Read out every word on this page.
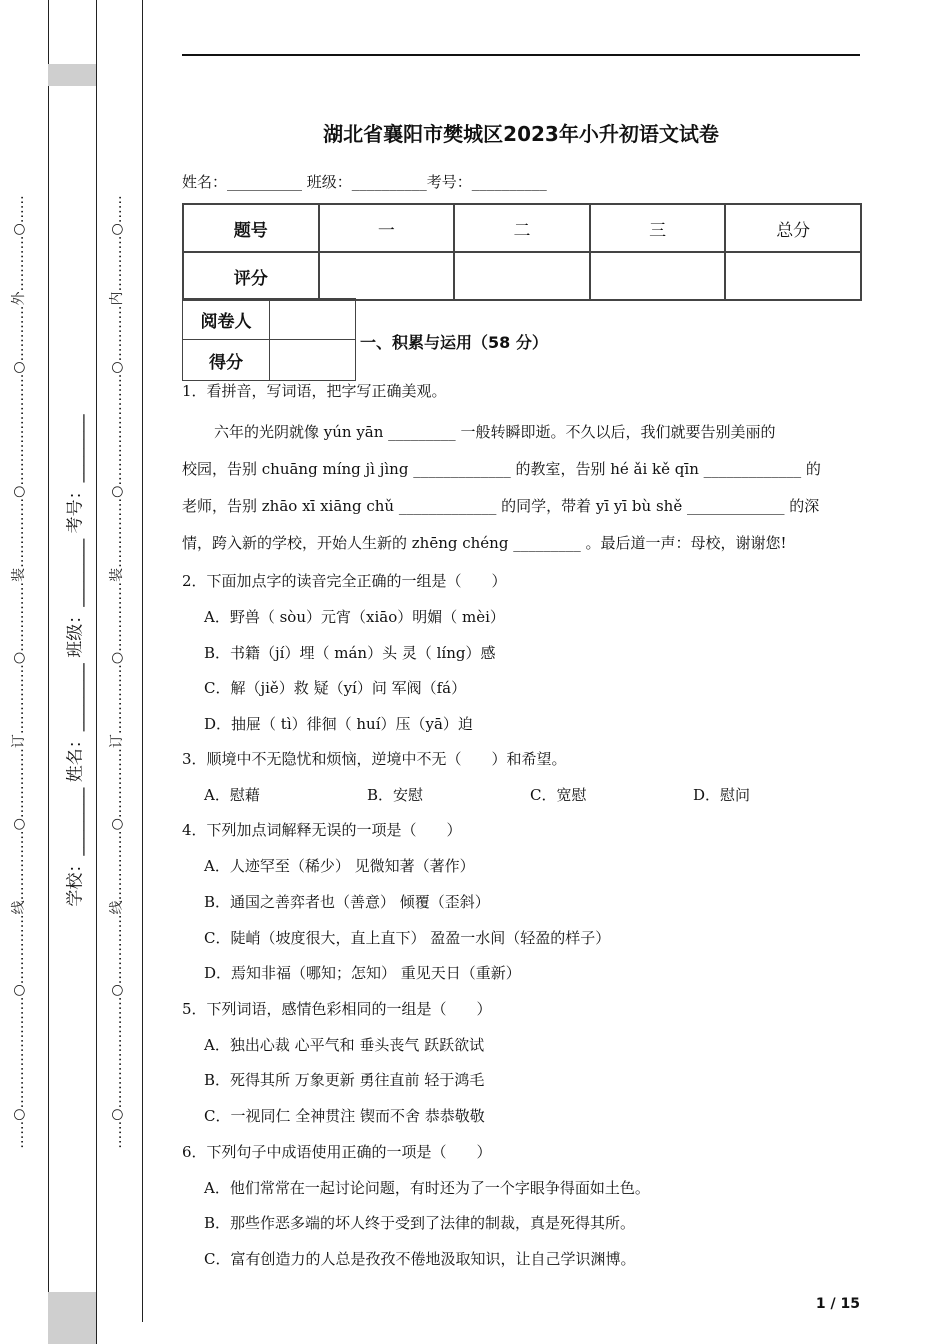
……○……………………○……………线……………○……………订……………○……………装……………○……………………○…………外…………○……	……○……………………○……………线……………○……………订……………○……………装……………○……………………○…………内…………○……
学校：________ 姓名：________ 班级：________ 考号：________
湖北省襄阳市樊城区2023年小升初语文试卷
姓名：__________ 班级：__________考号：__________
题号	一	二	三	总分
评分				
阅卷人	
得分	
一、积累与运用（58 分）

1．看拼音，写词语，把字写正确美观。

六年的光阴就像 yún yān _________ 一般转瞬即逝。不久以后，我们就要告别美丽的

校园，告别 chuāng míng jì jìng _____________ 的教室，告别 hé ǎi kě qīn _____________ 的

老师，告别 zhāo xī xiāng chǔ _____________ 的同学，带着 yī yī bù shě _____________ 的深

情，跨入新的学校，开始人生新的 zhēng chéng _________ 。最后道一声：母校，谢谢您!

2．下面加点字的读音完全正确的一组是（　　）

A．野兽（ sòu）元宵（xiāo）明媚（ mèi）

B．书籍（jí）埋（ mán）头 灵（ líng）感

C．解（jiě）救 疑（yí）问 军阀（fá）

D．抽屉（ tì）徘徊（ huí）压（yā）迫

3．顺境中不无隐忧和烦恼，逆境中不无（　　）和希望。

A．慰藉	B．安慰	C．宽慰	D．慰问

4．下列加点词解释无误的一项是（　　）

A．人迹罕至（稀少） 见微知著（著作）

B．通国之善弈者也（善意） 倾覆（歪斜）

C．陡峭（坡度很大，直上直下） 盈盈一水间（轻盈的样子）

D．焉知非福（哪知；怎知） 重见天日（重新）

5．下列词语，感情色彩相同的一组是（　　）

A．独出心裁 心平气和 垂头丧气 跃跃欲试

B．死得其所 万象更新 勇往直前 轻于鸿毛

C．一视同仁 全神贯注 锲而不舍 恭恭敬敬

6．下列句子中成语使用正确的一项是（　　）

A．他们常常在一起讨论问题，有时还为了一个字眼争得面如土色。

B．那些作恶多端的坏人终于受到了法律的制裁，真是死得其所。

C．富有创造力的人总是孜孜不倦地汲取知识，让自己学识渊博。

1 / 15
